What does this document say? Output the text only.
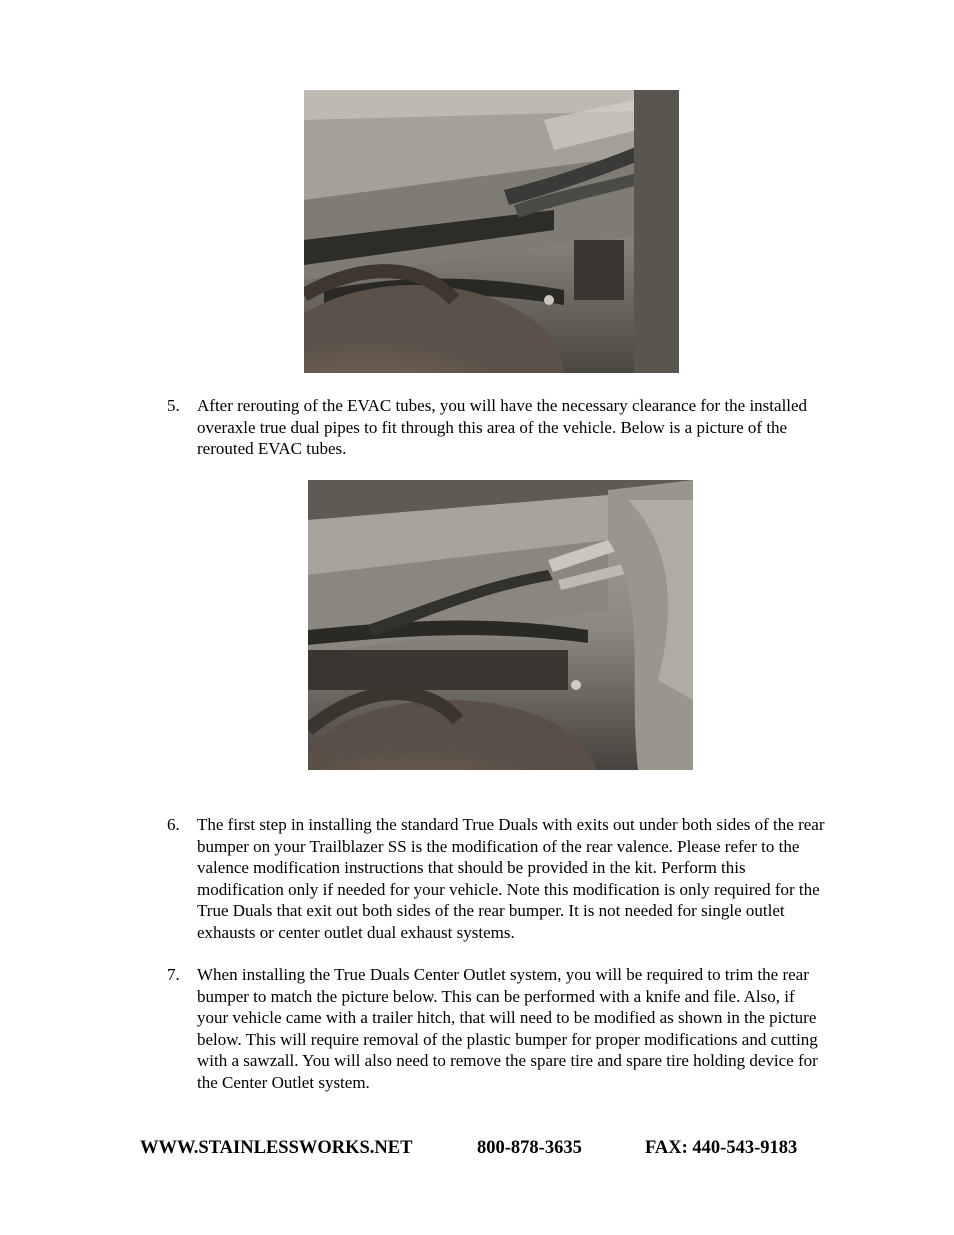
5.	After rerouting of the EVAC tubes, you will have the necessary clearance for the installed overaxle true dual pipes to fit through this area of the vehicle. Below is a picture of the rerouted EVAC tubes.
6.	The first step in installing the standard True Duals with exits out under both sides of the rear bumper on your Trailblazer SS is the modification of the rear valence. Please refer to the valence modification instructions that should be provided in the kit. Perform this modification only if needed for your vehicle. Note this modification is only required for the True Duals that exit out both sides of the rear bumper. It is not needed for single outlet exhausts or center outlet dual exhaust systems.
7.	When installing the True Duals Center Outlet system, you will be required to trim the rear bumper to match the picture below. This can be performed with a knife and file. Also, if your vehicle came with a trailer hitch, that will need to be modified as shown in the picture below. This will require removal of the plastic bumper for proper modifications and cutting with a sawzall. You will also need to remove the spare tire and spare tire holding device for the Center Outlet system.
WWW.STAINLESSWORKS.NET	800-878-3635	FAX: 440-543-9183
